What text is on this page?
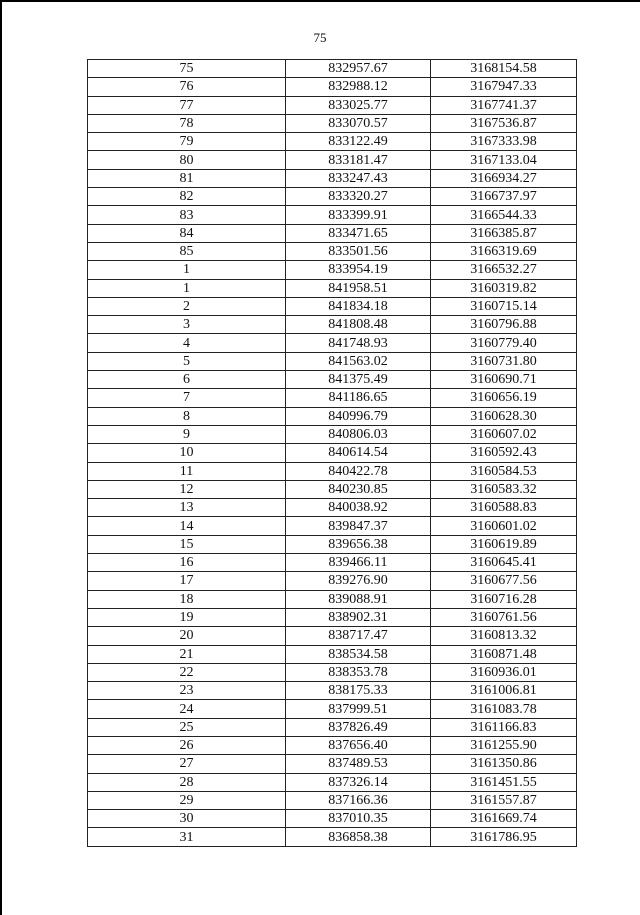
75
75	832957.67	3168154.58
76	832988.12	3167947.33
77	833025.77	3167741.37
78	833070.57	3167536.87
79	833122.49	3167333.98
80	833181.47	3167133.04
81	833247.43	3166934.27
82	833320.27	3166737.97
83	833399.91	3166544.33
84	833471.65	3166385.87
85	833501.56	3166319.69
1	833954.19	3166532.27
1	841958.51	3160319.82
2	841834.18	3160715.14
3	841808.48	3160796.88
4	841748.93	3160779.40
5	841563.02	3160731.80
6	841375.49	3160690.71
7	841186.65	3160656.19
8	840996.79	3160628.30
9	840806.03	3160607.02
10	840614.54	3160592.43
11	840422.78	3160584.53
12	840230.85	3160583.32
13	840038.92	3160588.83
14	839847.37	3160601.02
15	839656.38	3160619.89
16	839466.11	3160645.41
17	839276.90	3160677.56
18	839088.91	3160716.28
19	838902.31	3160761.56
20	838717.47	3160813.32
21	838534.58	3160871.48
22	838353.78	3160936.01
23	838175.33	3161006.81
24	837999.51	3161083.78
25	837826.49	3161166.83
26	837656.40	3161255.90
27	837489.53	3161350.86
28	837326.14	3161451.55
29	837166.36	3161557.87
30	837010.35	3161669.74
31	836858.38	3161786.95
